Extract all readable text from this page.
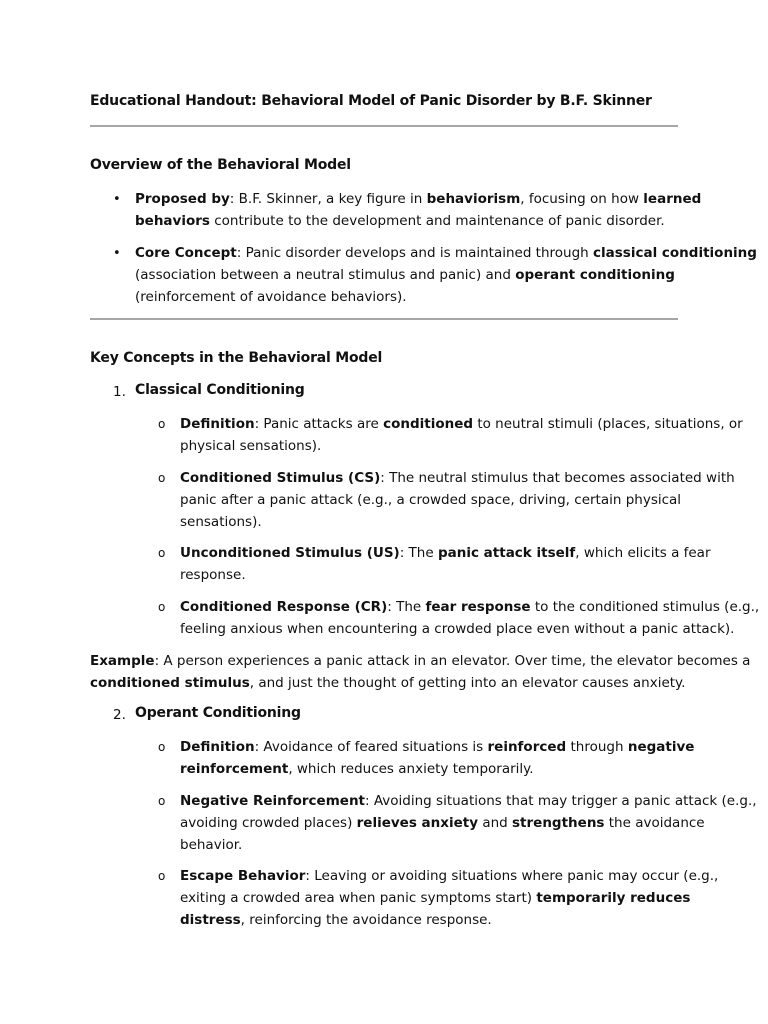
Educational Handout: Behavioral Model of Panic Disorder by B.F. Skinner
Overview of the Behavioral Model
• Proposed by: B.F. Skinner, a key figure in behaviorism, focusing on how learned
behaviors contribute to the development and maintenance of panic disorder.
• Core Concept: Panic disorder develops and is maintained through classical conditioning
(association between a neutral stimulus and panic) and operant conditioning
(reinforcement of avoidance behaviors).
Key Concepts in the Behavioral Model
1. Classical Conditioning
o Definition: Panic attacks are conditioned to neutral stimuli (places, situations, or
physical sensations).
o Conditioned Stimulus (CS): The neutral stimulus that becomes associated with
panic after a panic attack (e.g., a crowded space, driving, certain physical
sensations).
o Unconditioned Stimulus (US): The panic attack itself, which elicits a fear
response.
o Conditioned Response (CR): The fear response to the conditioned stimulus (e.g.,
feeling anxious when encountering a crowded place even without a panic attack).
Example: A person experiences a panic attack in an elevator. Over time, the elevator becomes a
conditioned stimulus, and just the thought of getting into an elevator causes anxiety.
2. Operant Conditioning
o Definition: Avoidance of feared situations is reinforced through negative
reinforcement, which reduces anxiety temporarily.
o Negative Reinforcement: Avoiding situations that may trigger a panic attack (e.g.,
avoiding crowded places) relieves anxiety and strengthens the avoidance
behavior.
o Escape Behavior: Leaving or avoiding situations where panic may occur (e.g.,
exiting a crowded area when panic symptoms start) temporarily reduces
distress, reinforcing the avoidance response.
